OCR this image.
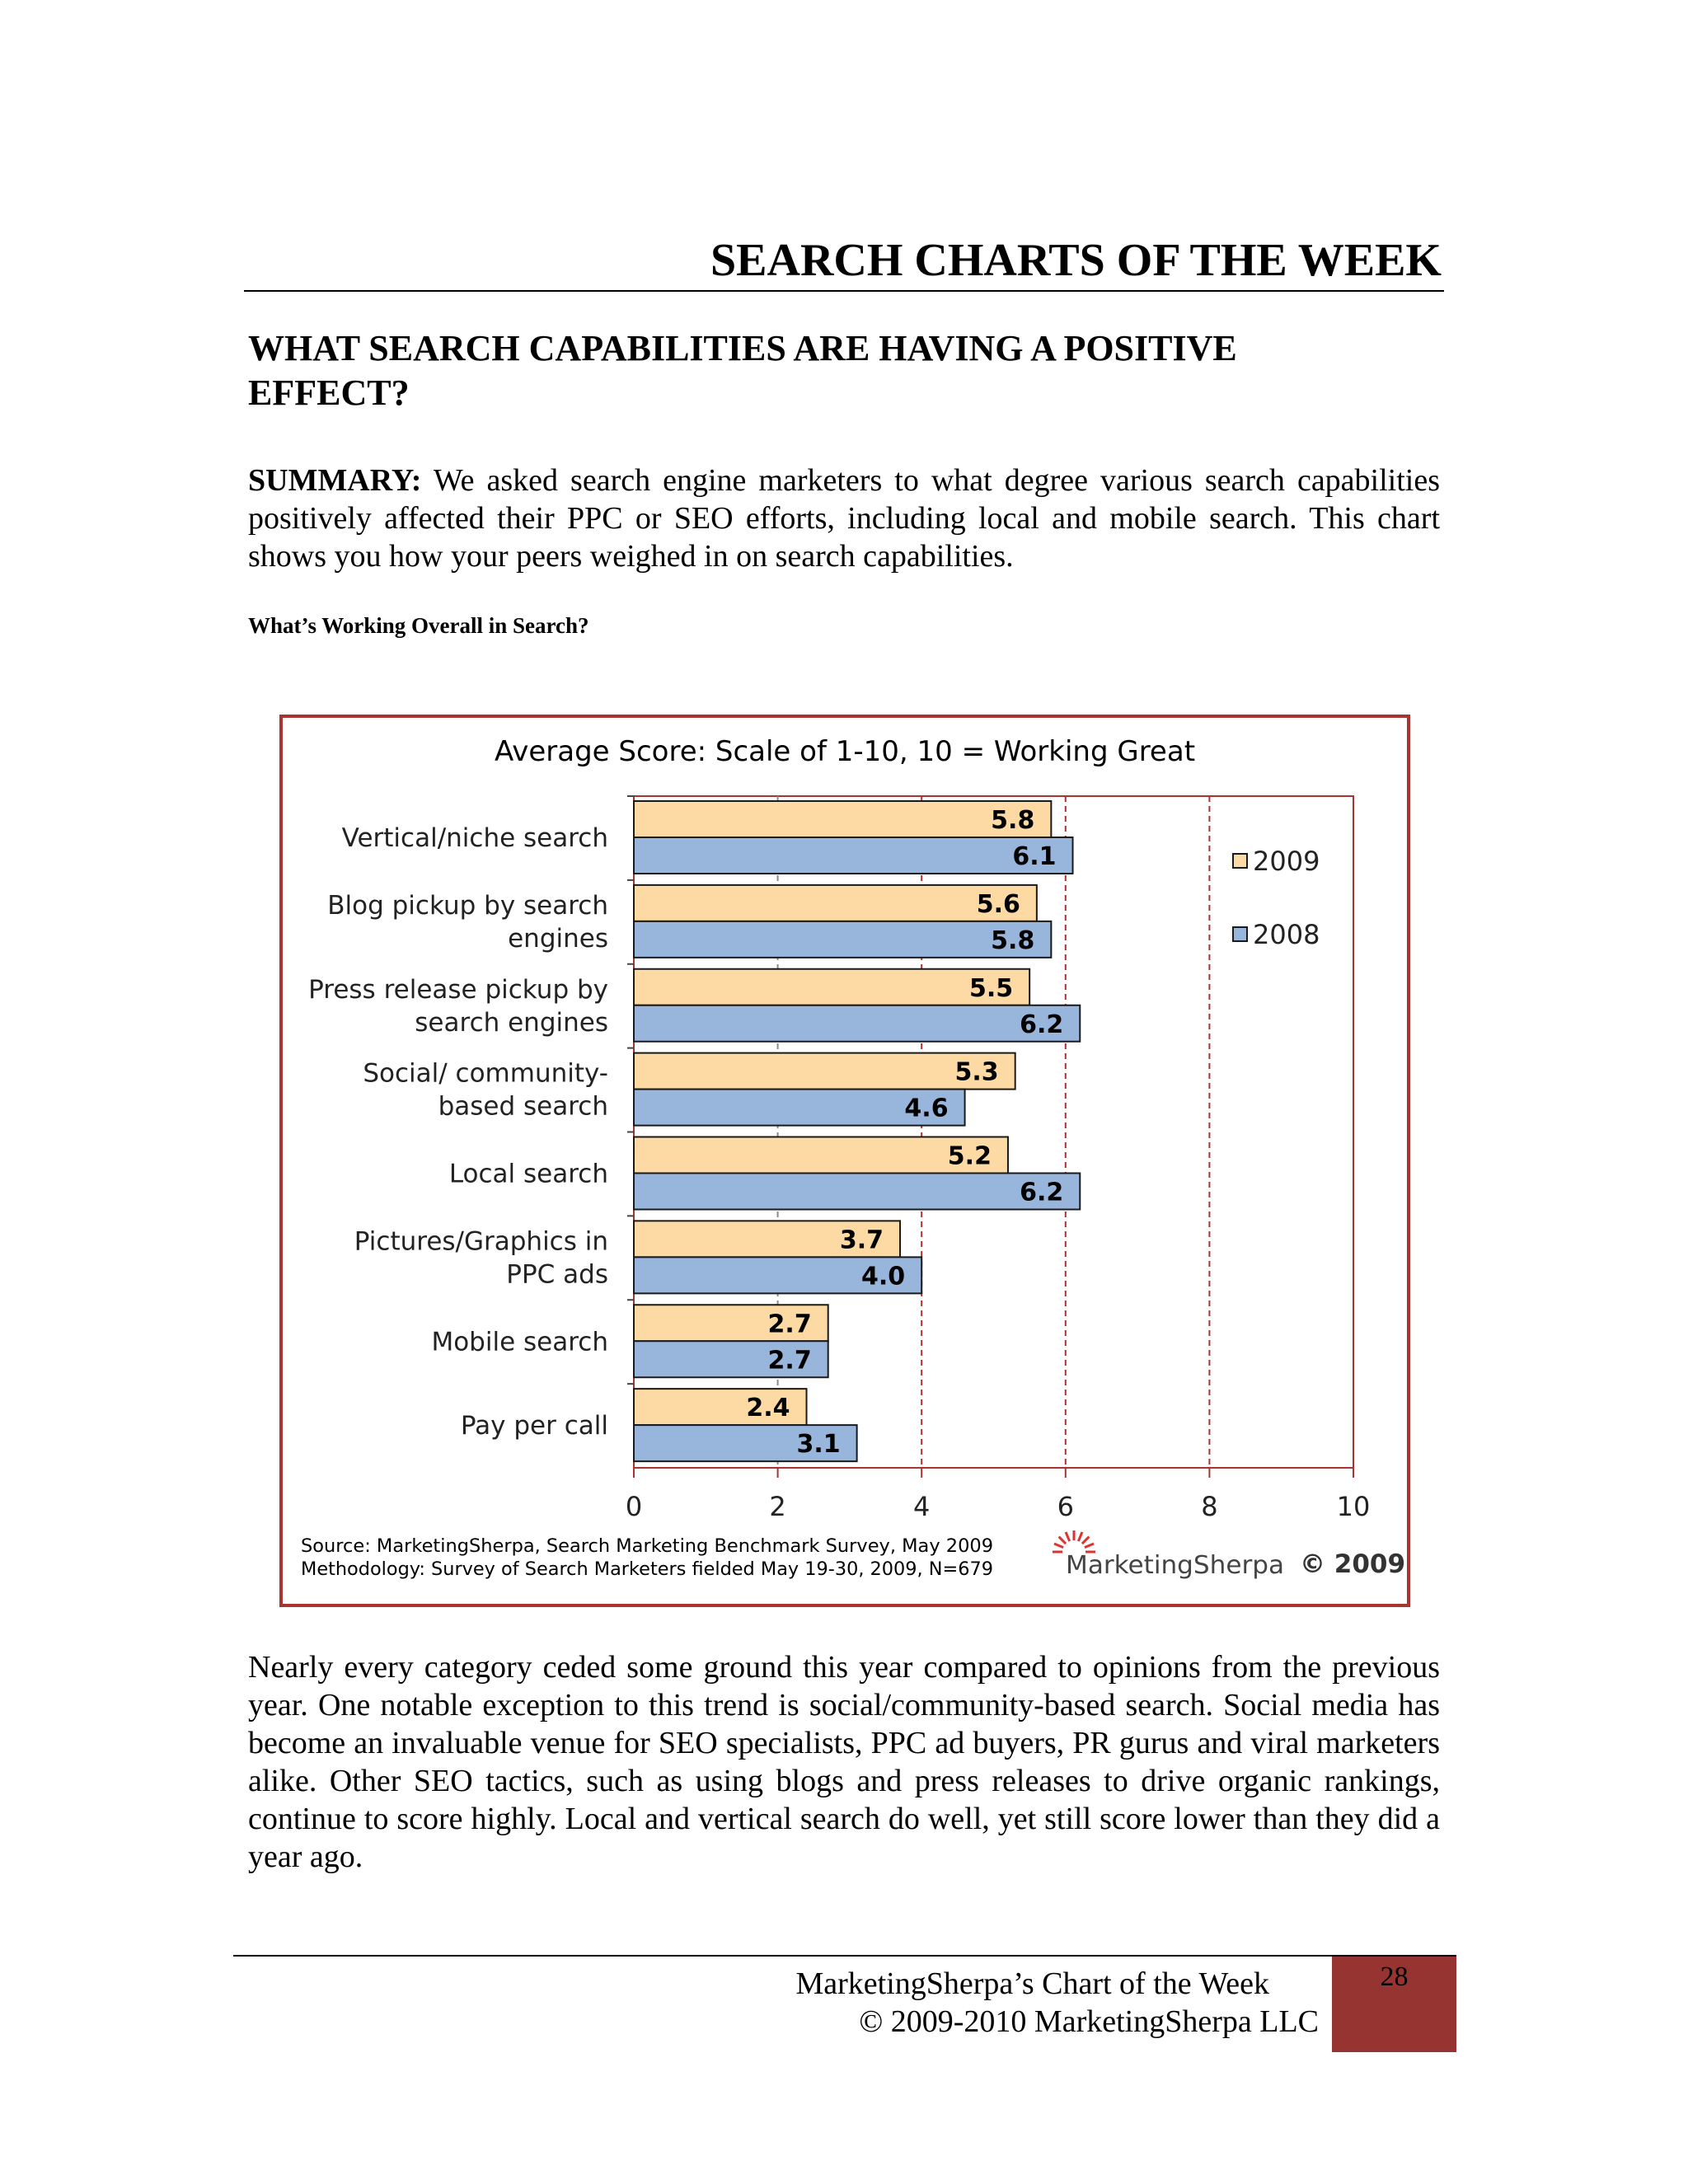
SEARCH CHARTS OF THE WEEK
WHAT SEARCH CAPABILITIES ARE HAVING A POSITIVE EFFECT?
SUMMARY: We asked search engine marketers to what degree various search capabilities positively affected their PPC or SEO efforts, including local and mobile search. This chart shows you how your peers weighed in on search capabilities.
What’s Working Overall in Search?
Average Score: Scale of 1-10, 10 = Working Great
5.8
6.1
Vertical/niche search
5.6
5.8
Blog pickup by search
engines
5.5
6.2
Press release pickup by
search engines
5.3
4.6
Social/ community-
based search
5.2
6.2
Local search
3.7
4.0
Pictures/Graphics in
PPC ads
2.7
2.7
Mobile search
2.4
3.1
Pay per call
0	2	4	6	8	10
2009
2008
Source: MarketingSherpa, Search Marketing Benchmark Survey, May 2009
Methodology: Survey of Search Marketers fielded May 19-30, 2009, N=679	MarketingSherpa © 2009
Nearly every category ceded some ground this year compared to opinions from the previous year. One notable exception to this trend is social/community-based search. Social media has become an invaluable venue for SEO specialists, PPC ad buyers, PR gurus and viral marketers alike. Other SEO tactics, such as using blogs and press releases to drive organic rankings, continue to score highly. Local and vertical search do well, yet still score lower than they did a year ago.
MarketingSherpa’s Chart of the Week
© 2009-2010 MarketingSherpa LLC
28
